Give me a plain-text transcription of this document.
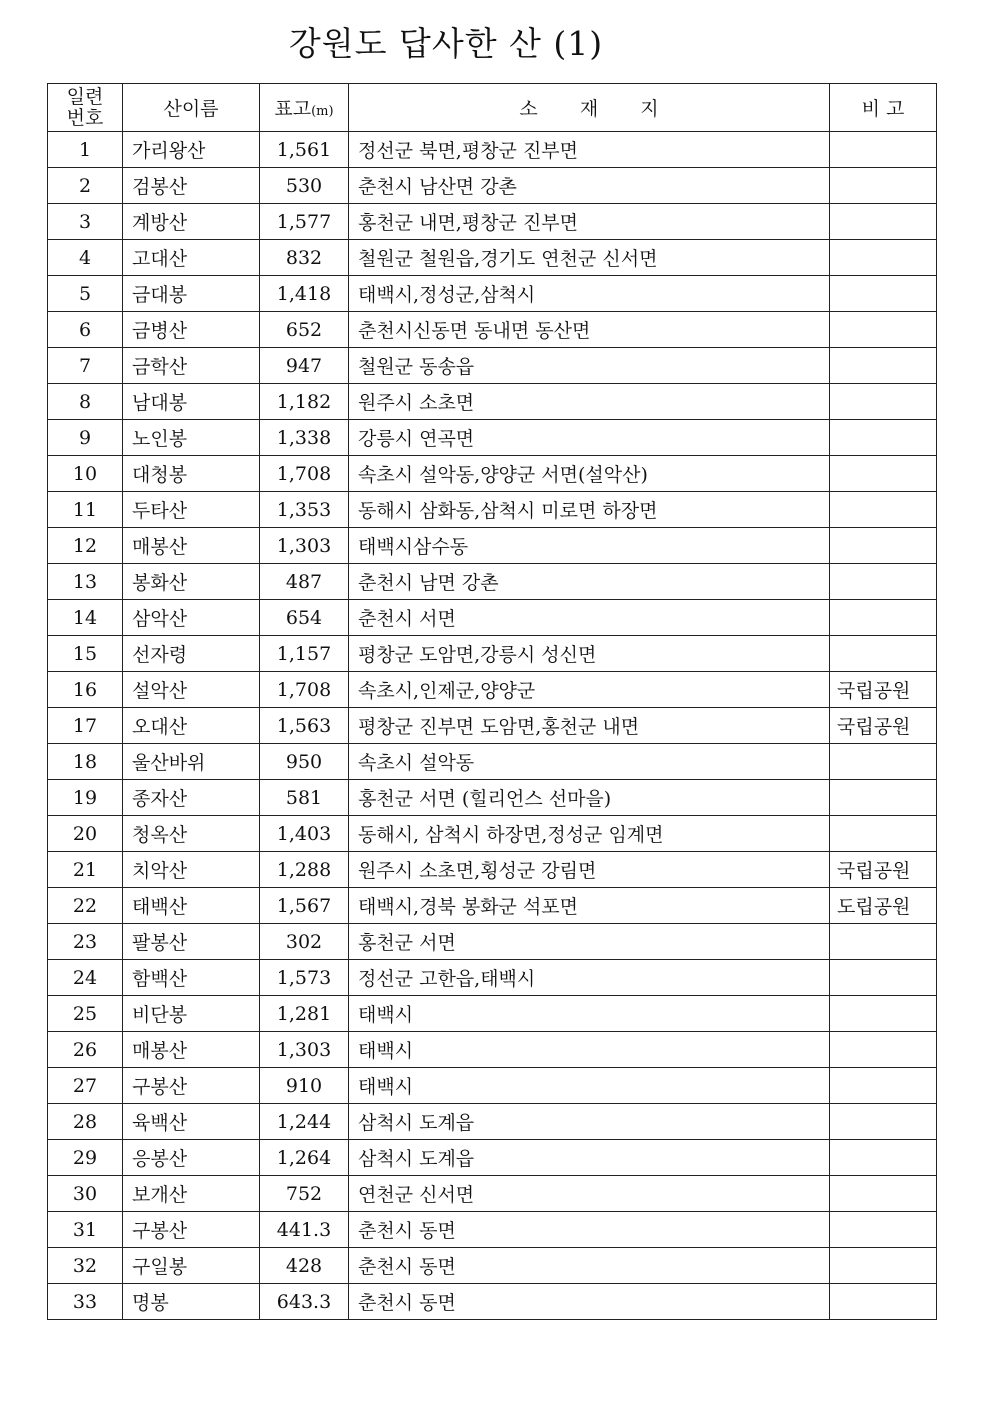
강원도 답사한 산 (1)
일련
번호	산이름	표고(m)	소 재 지	비 고
1	가리왕산	1,561	정선군 북면,평창군 진부면	
2	검봉산	530	춘천시 남산면 강촌	
3	계방산	1,577	홍천군 내면,평창군 진부면	
4	고대산	832	철원군 철원읍,경기도 연천군 신서면	
5	금대봉	1,418	태백시,정성군,삼척시	
6	금병산	652	춘천시신동면 동내면 동산면	
7	금학산	947	철원군 동송읍	
8	남대봉	1,182	원주시 소초면	
9	노인봉	1,338	강릉시 연곡면	
10	대청봉	1,708	속초시 설악동,양양군 서면(설악산)	
11	두타산	1,353	동해시 삼화동,삼척시 미로면 하장면	
12	매봉산	1,303	태백시삼수동	
13	봉화산	487	춘천시 남면 강촌	
14	삼악산	654	춘천시 서면	
15	선자령	1,157	평창군 도암면,강릉시 성신면	
16	설악산	1,708	속초시,인제군,양양군	국립공원
17	오대산	1,563	평창군 진부면 도암면,홍천군 내면	국립공원
18	울산바위	950	속초시 설악동	
19	종자산	581	홍천군 서면 (힐리언스 선마을)	
20	청옥산	1,403	동해시, 삼척시 하장면,정성군 임계면	
21	치악산	1,288	원주시 소초면,횡성군 강림면	국립공원
22	태백산	1,567	태백시,경북 봉화군 석포면	도립공원
23	팔봉산	302	홍천군 서면	
24	함백산	1,573	정선군 고한읍,태백시	
25	비단봉	1,281	태백시	
26	매봉산	1,303	태백시	
27	구봉산	910	태백시	
28	육백산	1,244	삼척시 도계읍	
29	응봉산	1,264	삼척시 도계읍	
30	보개산	752	연천군 신서면	
31	구봉산	441.3	춘천시 동면	
32	구일봉	428	춘천시 동면	
33	명봉	643.3	춘천시 동면	
